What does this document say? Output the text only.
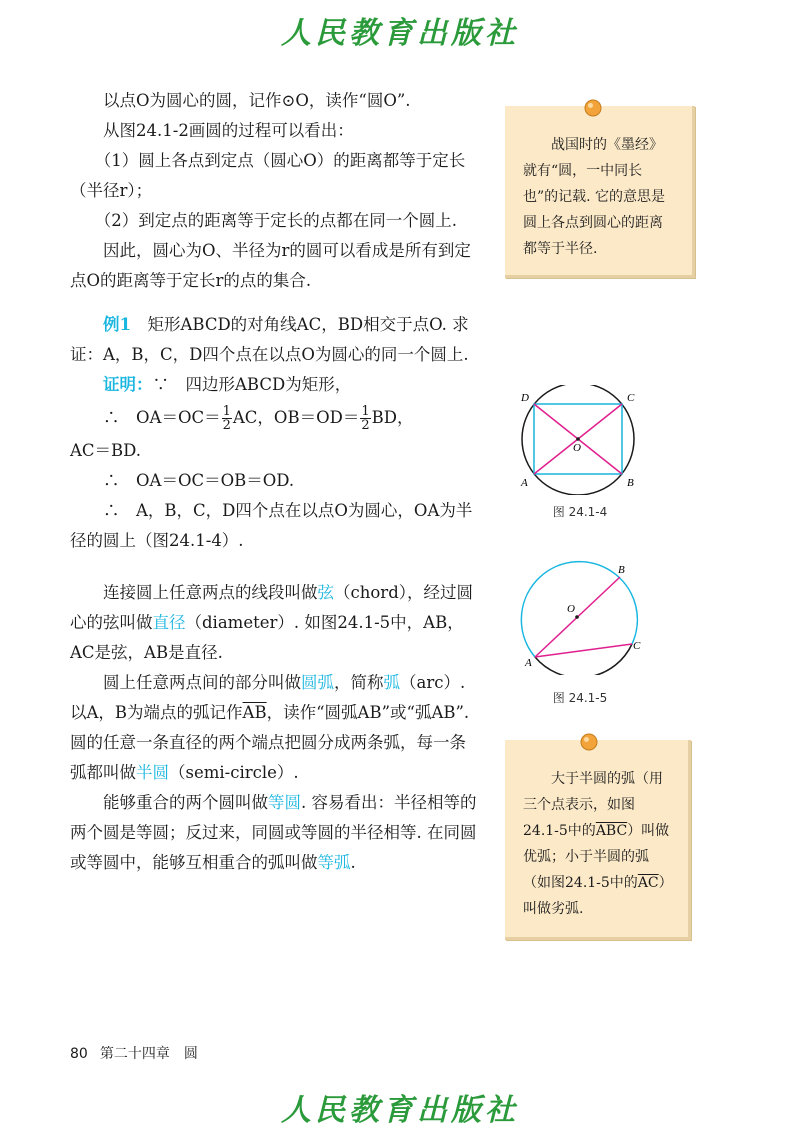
人民教育出版社

　　以点O为圆心的圆，记作⊙O，读作“圆O”.

　　从图24.1-2画圆的过程可以看出：

　　（1）圆上各点到定点（圆心O）的距离都等于定长（半径r）；

　　（2）到定点的距离等于定长的点都在同一个圆上.

　　因此，圆心为O、半径为r的圆可以看成是所有到定点O的距离等于定长r的点的集合.

　　例1　 矩形ABCD的对角线AC，BD相交于点O. 求证：A，B，C，D四个点在以点O为圆心的同一个圆上.

　　证明：∵　四边形ABCD为矩形，

　　∴　$OA=OC= \frac{1}{2}$ AC，$OB=OD= \frac{1}{2}$ BD，

AC＝BD.

　　∴　OA＝OC＝OB＝OD.

　　∴　A，B，C，D四个点在以点O为圆心，OA为半径的圆上（图24.1-4）.

　　连接圆上任意两点的线段叫做弦（chord），经过圆心的弦叫做直径（diameter）. 如图24.1-5中，AB，AC是弦，AB是直径.

　　圆上任意两点间的部分叫做圆弧，简称弧（arc）. 以A，B为端点的弧记作$\overline{AB}$，读作“圆弧AB”或“弧AB”. 圆的任意一条直径的两个端点把圆分成两条弧，每一条弧都叫做半圆（semi-circle）.

　　能够重合的两个圆叫做等圆. 容易看出：半径相等的两个圆是等圆；反过来，同圆或等圆的半径相等. 在同圆或等圆中，能够互相重合的弧叫做等弧.

战国时的《墨经》就有“圆，一中同长也”的记载. 它的意思是圆上各点到圆心的距离都等于半径.

D	C
A	B
O
图 24.1-4
O
B
C
A
图 24.1-5

大于半圆的弧（用三个点表示，如图24.1-5中的$\overline{ABC}$）叫做优弧；小于半圆的弧（如图24.1-5中的$\overline{AC}$）叫做劣弧.

80 第二十四章　圆
人民教育出版社
